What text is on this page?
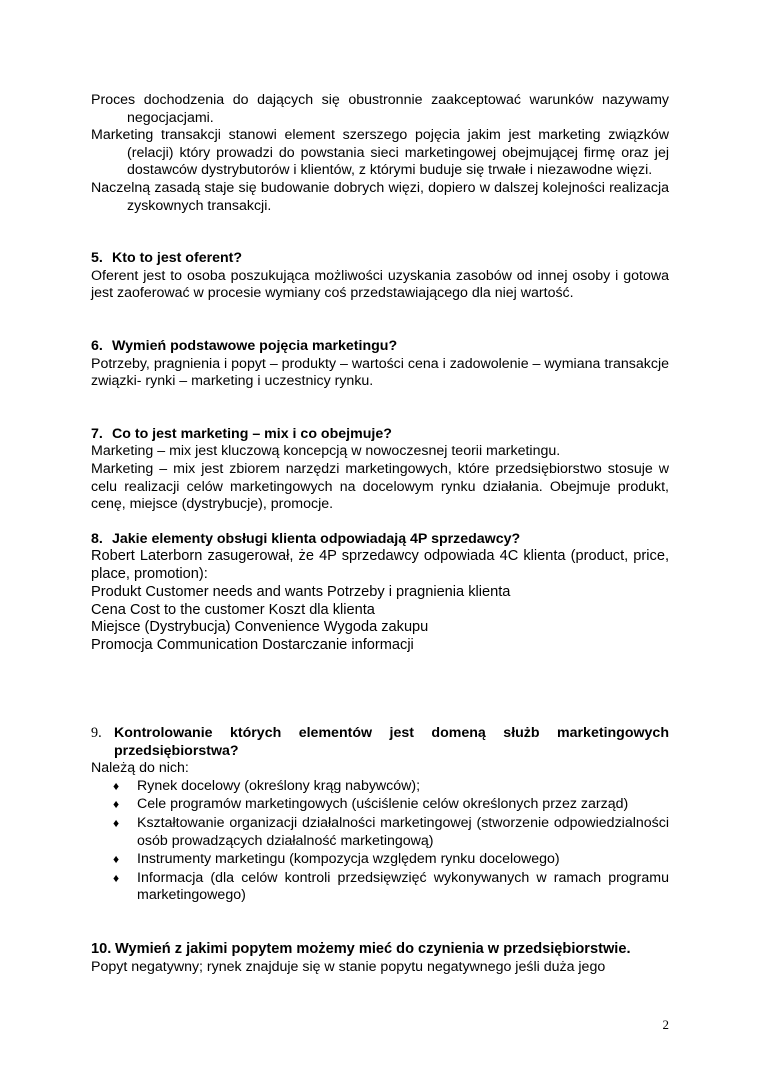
Proces dochodzenia do dających się obustronnie zaakceptować warunków nazywamy negocjacjami.

Marketing transakcji stanowi element szerszego pojęcia jakim jest marketing związków (relacji) który prowadzi do powstania sieci marketingowej obejmującej firmę oraz jej dostawców dystrybutorów i klientów, z którymi buduje się trwałe i niezawodne więzi.

Naczelną zasadą staje się budowanie dobrych więzi, dopiero w dalszej kolejności realizacja zyskownych transakcji.

5. Kto to jest oferent?

Oferent jest to osoba poszukująca możliwości uzyskania zasobów od innej osoby i gotowa jest zaoferować w procesie wymiany coś przedstawiającego dla niej wartość.

6. Wymień podstawowe pojęcia marketingu?

Potrzeby, pragnienia i popyt – produkty – wartości cena i zadowolenie – wymiana transakcje związki- rynki – marketing i uczestnicy rynku.

7. Co to jest marketing – mix i co obejmuje?

Marketing – mix jest kluczową koncepcją w nowoczesnej teorii marketingu.

Marketing – mix jest zbiorem narzędzi marketingowych, które przedsiębiorstwo stosuje w celu realizacji celów marketingowych na docelowym rynku działania. Obejmuje produkt, cenę, miejsce (dystrybucje), promocje.

8. Jakie elementy obsługi klienta odpowiadają 4P sprzedawcy?

Robert Laterborn zasugerował, że 4P sprzedawcy odpowiada 4C klienta (product, price, place, promotion):

Produkt Customer needs and wants Potrzeby i pragnienia klienta

Cena Cost to the customer Koszt dla klienta

Miejsce (Dystrybucja) Convenience Wygoda zakupu

Promocja Communication Dostarczanie informacji

9. Kontrolowanie których elementów jest domeną służb marketingowych przedsiębiorstwa?

Należą do nich:

♦ Rynek docelowy (określony krąg nabywców);
♦ Cele programów marketingowych (uściślenie celów określonych przez zarząd)
♦ Kształtowanie organizacji działalności marketingowej (stworzenie odpowiedzialności osób prowadzących działalność marketingową)
♦ Instrumenty marketingu (kompozycja względem rynku docelowego)
♦ Informacja (dla celów kontroli przedsięwzięć wykonywanych w ramach programu marketingowego)
10. Wymień z jakimi popytem możemy mieć do czynienia w przedsiębiorstwie.

Popyt negatywny; rynek znajduje się w stanie popytu negatywnego jeśli duża jego

2
